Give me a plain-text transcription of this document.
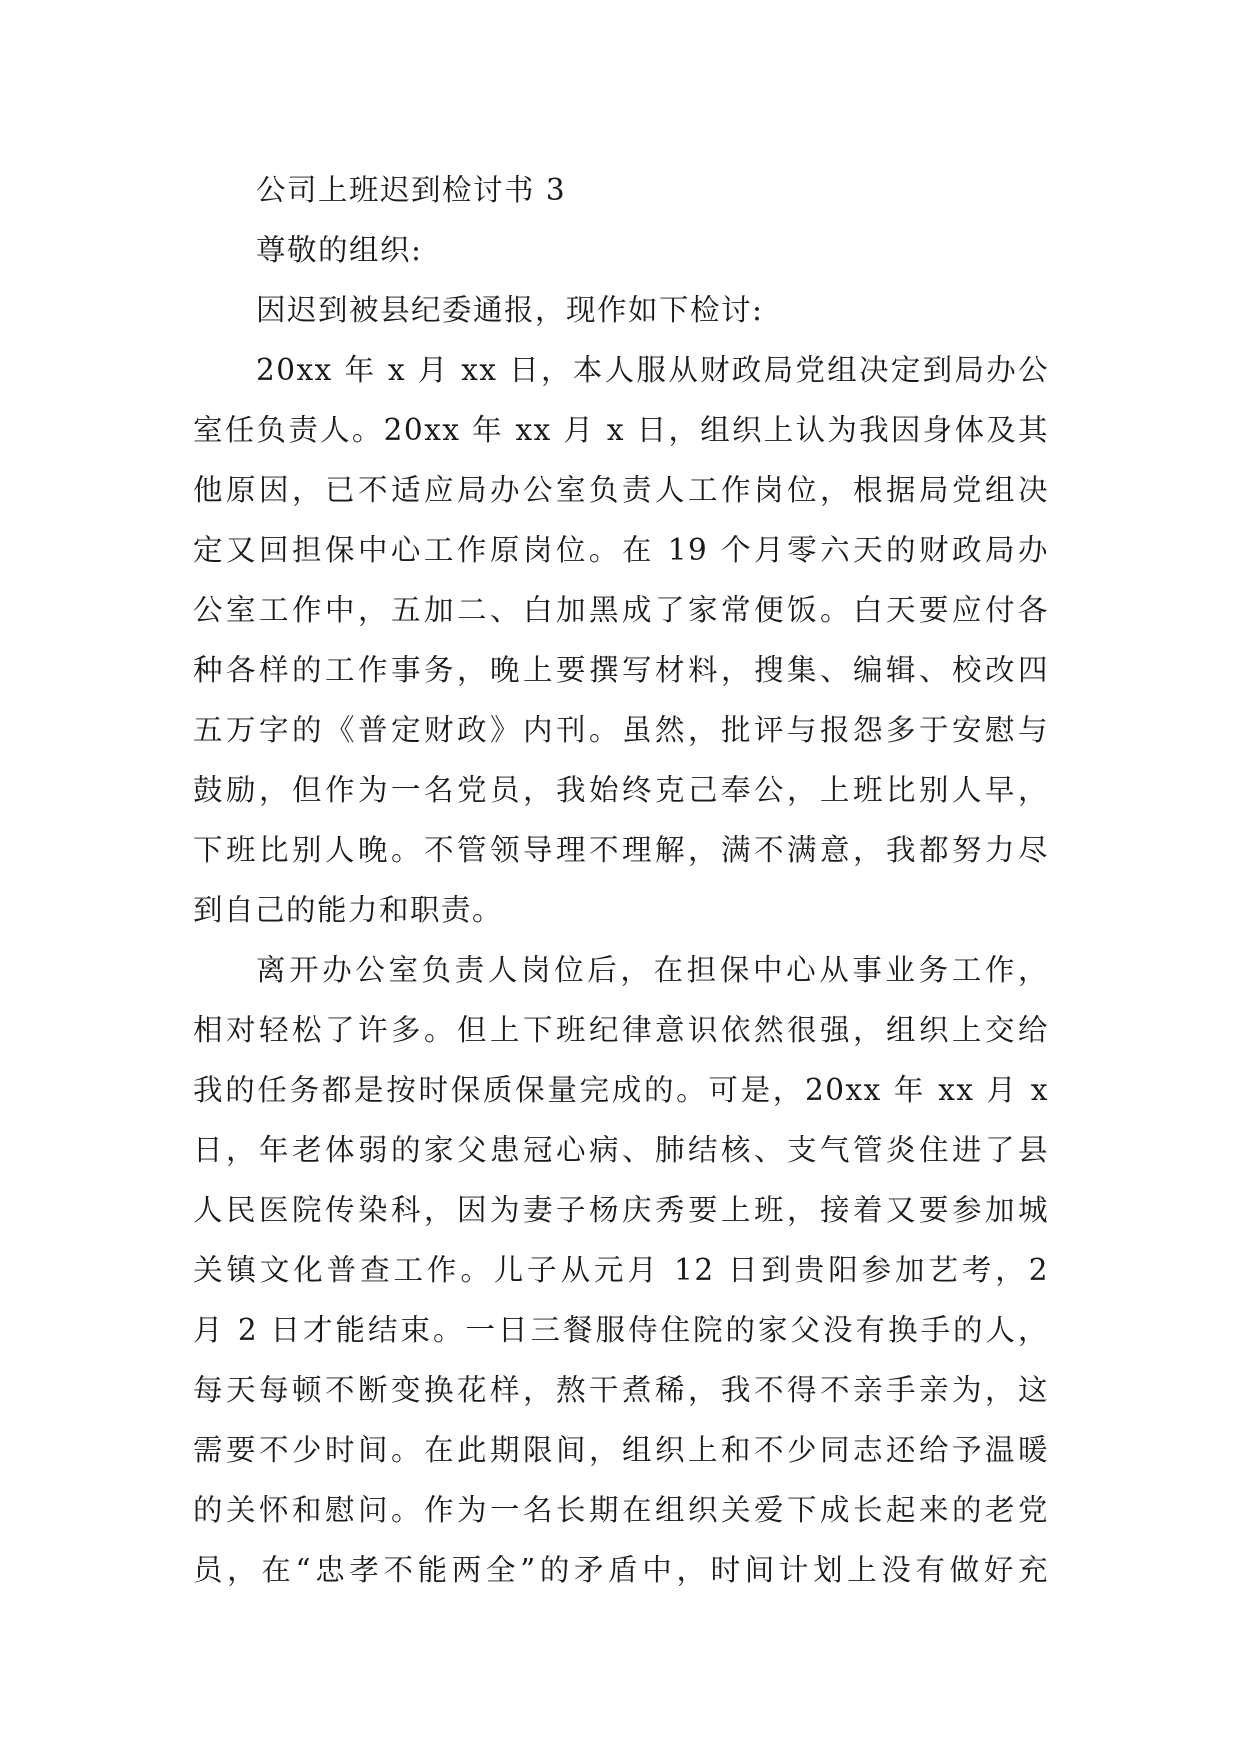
公司上班迟到检讨书 3
尊敬的组织:
因迟到被县纪委通报，现作如下检讨:
20xx 年 x 月 xx 日，本人服从财政局党组决定到局办公
室任负责人。20xx 年 xx 月 x 日，组织上认为我因身体及其
他原因，已不适应局办公室负责人工作岗位，根据局党组决
定又回担保中心工作原岗位。在 19 个月零六天的财政局办
公室工作中，五加二、白加黑成了家常便饭。白天要应付各
种各样的工作事务，晚上要撰写材料，搜集、编辑、校改四
五万字的《普定财政》内刊。虽然，批评与报怨多于安慰与
鼓励，但作为一名党员，我始终克己奉公，上班比别人早，
下班比别人晚。不管领导理不理解，满不满意，我都努力尽
到自己的能力和职责。
离开办公室负责人岗位后，在担保中心从事业务工作，
相对轻松了许多。但上下班纪律意识依然很强，组织上交给
我的任务都是按时保质保量完成的。可是，20xx 年 xx 月 x
日，年老体弱的家父患冠心病、肺结核、支气管炎住进了县
人民医院传染科，因为妻子杨庆秀要上班，接着又要参加城
关镇文化普查工作。儿子从元月 12 日到贵阳参加艺考，2
月 2 日才能结束。一日三餐服侍住院的家父没有换手的人，
每天每顿不断变换花样，熬干煮稀，我不得不亲手亲为，这
需要不少时间。在此期限间，组织上和不少同志还给予温暖
的关怀和慰问。作为一名长期在组织关爱下成长起来的老党
员，在“忠孝不能两全”的矛盾中，时间计划上没有做好充
